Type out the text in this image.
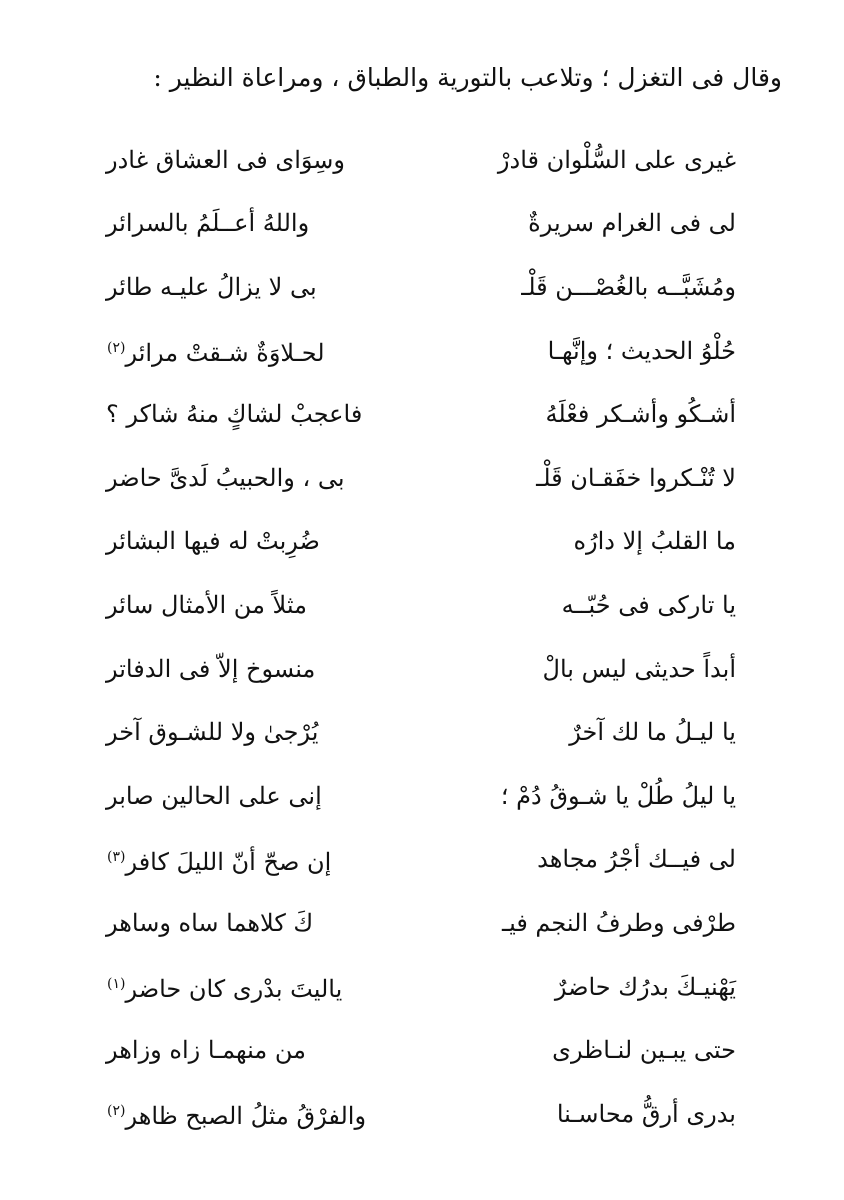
وقال فى التغزل ؛ وتلاعب بالتورية والطباق ، ومراعاة النظير :
غيرى على السُّلْوان قادرْ
وسِوَاى فى العشاق غادر
لى فى الغرام سريرةٌ
واللهُ أعــلَمُ بالسرائر
ومُشَبَّــه بالغُصْـــن قَلْـ
بى لا يزالُ عليـه طائر
حُلْوُ الحديث ؛ وإنَّهـا
لحـلاوَةٌ شـقتْ مرائر$^{(٢)}$
أشـكُو وأشـكر فعْلَهُ
فاعجبْ لشاكٍ منهُ شاكر ؟
لا تُنْـكروا خفَقـان قَلْـ
بى ، والحبيبُ لَدىَّ حاضر
ما القلبُ إلا دارُه
ضُرِبتْ له فيها البشائر
يا تاركى فى حُبّــه
مثلاً من الأمثال سائر
أبداً حديثى ليس بالْ
منسوخ إلاّ فى الدفاتر
يا ليـلُ ما لك آخرٌ
يُرْجىٰ ولا للشـوق آخر
يا ليلُ طُلْ يا شـوقُ دُمْ ؛
إنى على الحالين صابر
لى فيــك أجْرُ مجاهد
إن صحّ أنّ الليلَ كافر$^{(٣)}$
طرْفى وطرفُ النجم فيـ
كَ كلاهما ساه وساهر
يَهْنيـكَ بدرُك حاضرٌ
ياليتَ بدْرى كان حاضر$^{(١)}$
حتى يبـين لنـاظرى
من منهمـا زاه وزاهر
بدرى أرقُّ محاسـنا
والفرْقُ مثلُ الصبح ظاهر$^{(٢)}$
